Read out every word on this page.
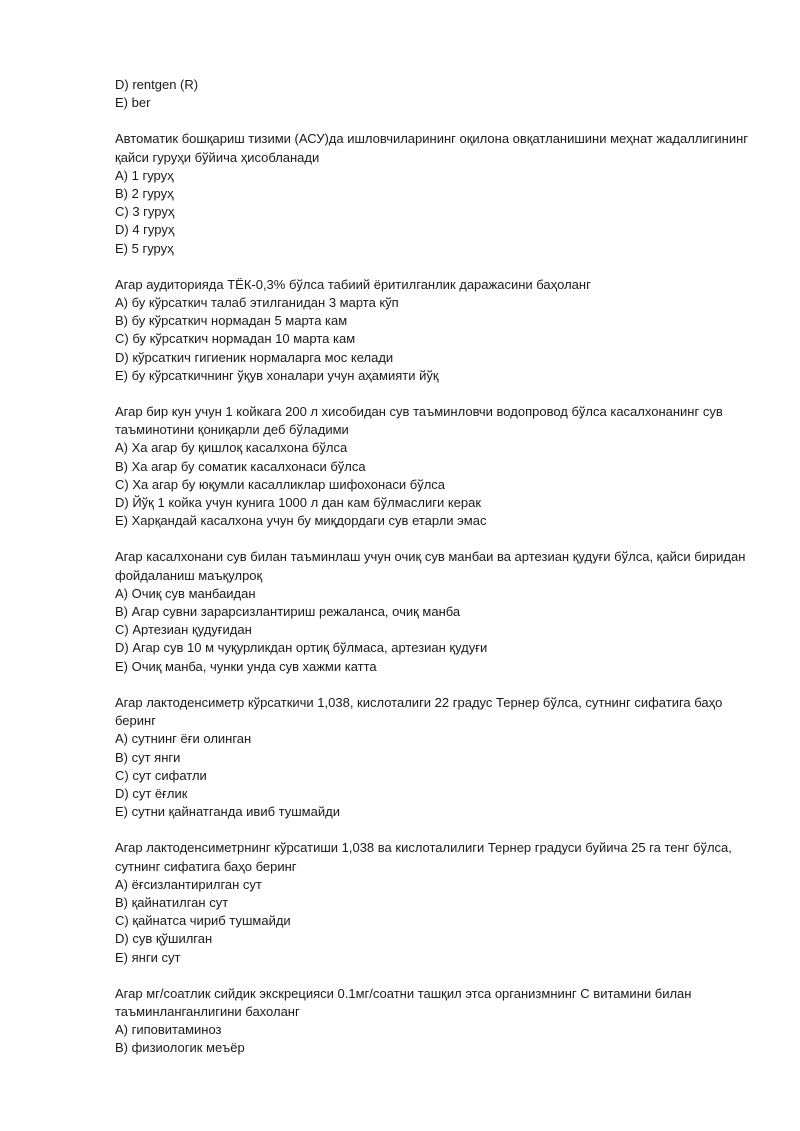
D) rentgen (R)
E) ber
Автоматик бошқариш тизими (АСУ)да ишловчиларининг оқилона овқатланишини меҳнат жадаллигининг қайси гуруҳи бўйича ҳисобланади
А) 1 гуруҳ
В) 2 гуруҳ
С) 3 гуруҳ
D) 4 гуруҳ
Е) 5 гуруҳ
Агар аудиторияда ТЁК-0,3% бўлса табиий ёритилганлик даражасини баҳоланг
А) бу кўрсаткич талаб этилганидан 3 марта кўп
В) бу кўрсаткич нормадан 5 марта кам
С) бу кўрсаткич нормадан 10 марта кам
D) кўрсаткич гигиеник нормаларга мос келади
Е) бу кўрсаткичнинг ўқув хоналари учун аҳамияти йўқ
Агар бир кун учун 1 койкага 200 л хисобидан сув таъминловчи водопровод бўлса касалхонанинг сув таъминотини қониқарли деб бўладими
А) Ха агар бу қишлоқ касалхона бўлса
В) Ха агар бу соматик касалхонаси бўлса
С) Ха агар бу юқумли касалликлар шифохонаси бўлса
D) Йўқ 1 койка учун кунига 1000 л дан кам бўлмаслиги керак
Е) Харқандай касалхона учун бу миқдордаги сув етарли эмас
Агар касалхонани сув билан таъминлаш учун очиқ сув манбаи ва артезиан қудуғи бўлса, қайси биридан фойдаланиш маъқулроқ
А) Очиқ сув манбаидан
В) Агар сувни зарарсизлантириш режаланса, очиқ манба
С) Артезиан қудуғидан
D) Агар сув 10 м чуқурликдан ортиқ бўлмаса, артезиан қудуғи
Е) Очиқ манба, чунки унда сув хажми катта
Агар лактоденсиметр кўрсаткичи 1,038, кислоталиги 22 градус Тернер бўлса, сутнинг сифатига баҳо беринг
А) сутнинг ёғи олинган
В) сут янги
С) сут сифатли
D) сут ёғлик
Е) сутни қайнатганда ивиб тушмайди
Агар лактоденсиметрнинг кўрсатиши 1,038 ва кислоталилиги Тернер градуси буйича 25 га тенг бўлса, сутнинг сифатига баҳо беринг
А) ёғсизлантирилган сут
В) қайнатилган сут
С) қайнатса чириб тушмайди
D) сув қўшилган
Е) янги сут
Агар мг/соатлик сийдик экскрецияси 0.1мг/соатни ташқил этса организмнинг С витамини билан таъминланганлигини бахоланг
А) гиповитаминоз
В) физиологик меъёр
